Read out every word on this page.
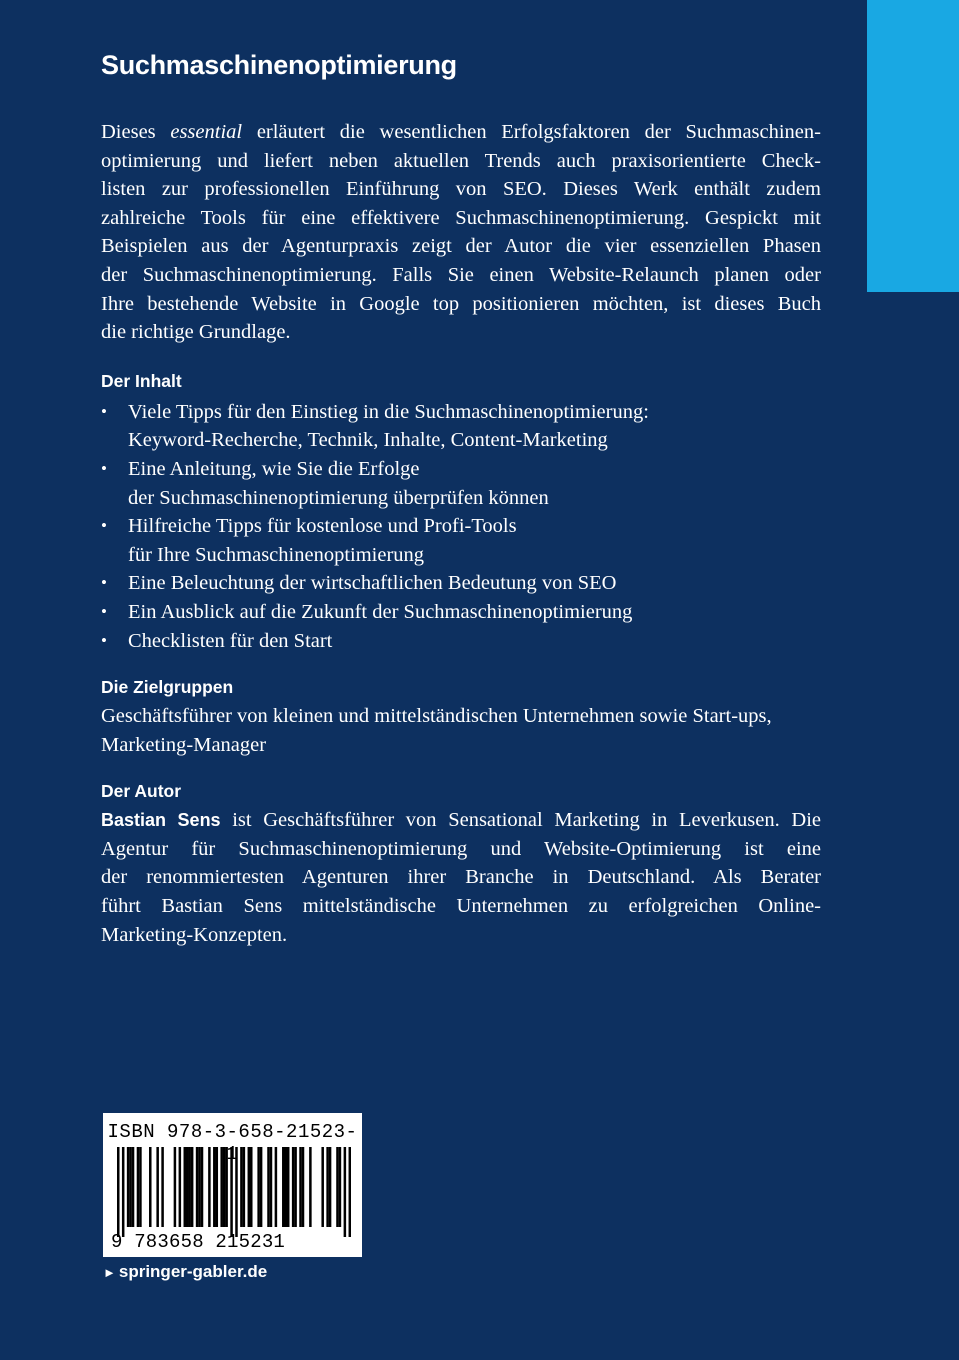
Suchmaschinenoptimierung

Dieses essential erläutert die wesentlichen Erfolgsfaktoren der Suchmaschinen-
optimierung und liefert neben aktuellen Trends auch praxisorientierte Check-
listen zur professionellen Einführung von SEO. Dieses Werk enthält zudem
zahlreiche Tools für eine effektivere Suchmaschinenoptimierung. Gespickt mit
Beispielen aus der Agenturpraxis zeigt der Autor die vier essenziellen Phasen
der Suchmaschinenoptimierung. Falls Sie einen Website-Relaunch planen oder
Ihre bestehende Website in Google top positionieren möchten, ist dieses Buch
die richtige Grundlage.

Der Inhalt
• Viele Tipps für den Einstieg in die Suchmaschinenoptimierung:
Keyword-Recherche, Technik, Inhalte, Content-Marketing
• Eine Anleitung, wie Sie die Erfolge
der Suchmaschinenoptimierung überprüfen können
• Hilfreiche Tipps für kostenlose und Profi-Tools
für Ihre Suchmaschinenoptimierung
• Eine Beleuchtung der wirtschaftlichen Bedeutung von SEO
• Ein Ausblick auf die Zukunft der Suchmaschinenoptimierung
• Checklisten für den Start
Die Zielgruppen

Geschäftsführer von kleinen und mittelständischen Unternehmen sowie Start-ups,
Marketing-Manager

Der Autor

Bastian Sens ist Geschäftsführer von Sensational Marketing in Leverkusen. Die
Agentur für Suchmaschinenoptimierung und Website-Optimierung ist eine
der renommiertesten Agenturen ihrer Branche in Deutschland. Als Berater
führt Bastian Sens mittelständische Unternehmen zu erfolgreichen Online-
Marketing-Konzepten.

ISBN 978-3-658-21523-
9 783658 215231
► springer-gabler.de
